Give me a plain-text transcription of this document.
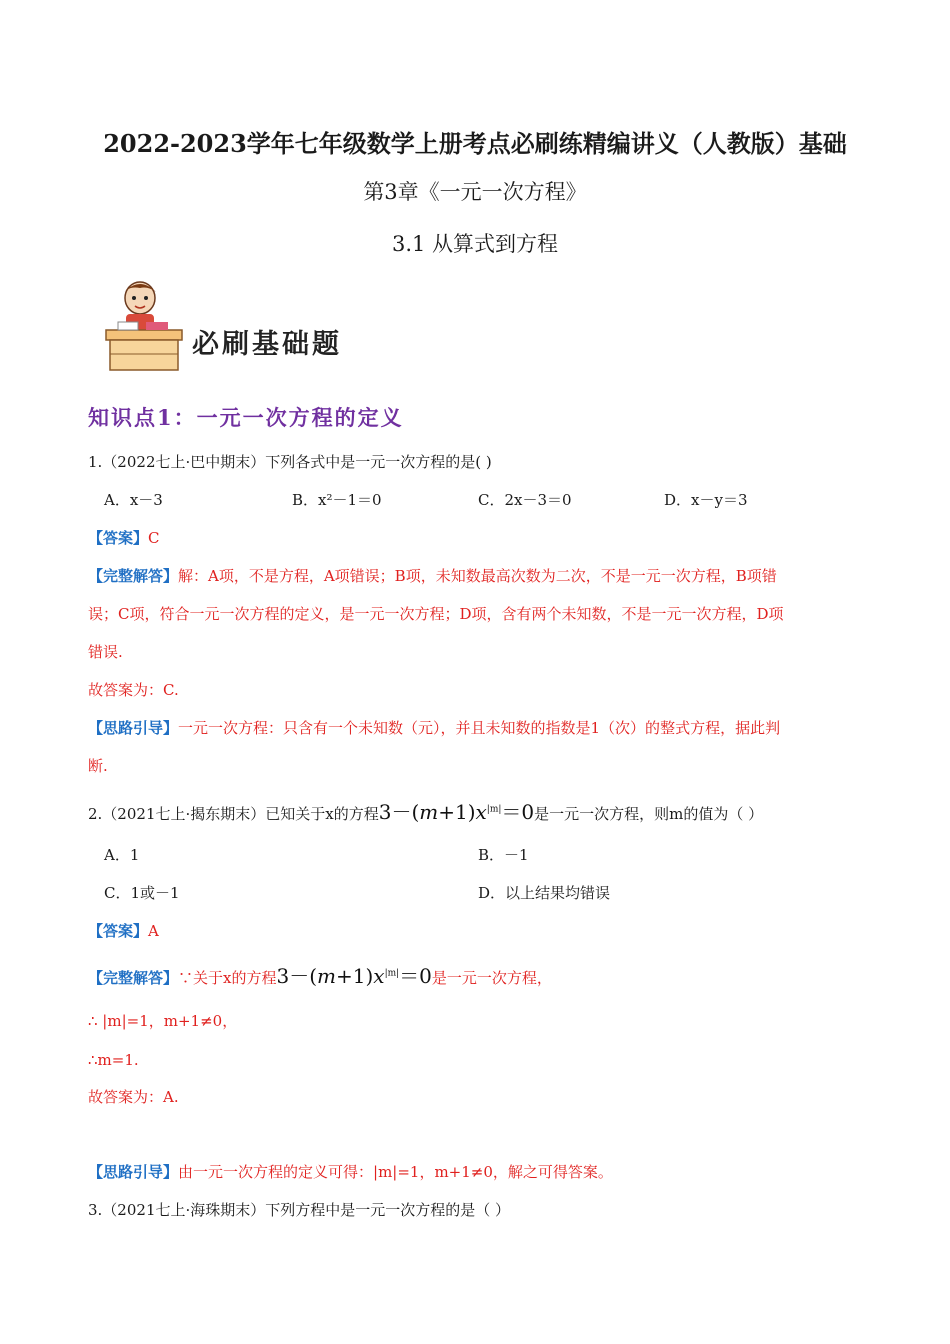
2022-2023学年七年级数学上册考点必刷练精编讲义（人教版）基础
第3章《一元一次方程》
3.1 从算式到方程
必刷基础题
知识点1：一元一次方程的定义
1.（2022七上·巴中期末）下列各式中是一元一次方程的是( )
A．x－3	B．x²－1＝0	C．2x－3＝0	D．x－y＝3
【答案】C
【完整解答】解：A项，不是方程，A项错误；B项，未知数最高次数为二次，不是一元一次方程，B项错
误；C项，符合一元一次方程的定义，是一元一次方程；D项，含有两个未知数，不是一元一次方程，D项
错误.
故答案为：C.
【思路引导】一元一次方程：只含有一个未知数（元），并且未知数的指数是1（次）的整式方程，据此判
断.
2.（2021七上·揭东期末）已知关于x的方程$3-(m+1)x^{|m|}=0$是一元一次方程，则m的值为（ ）
A．1	B．－1
C．1或－1	D．以上结果均错误
【答案】A
【完整解答】∵关于x的方程$3-(m+1)x^{|m|}=0$是一元一次方程，
∴ |m|=1，m+1≠0，
∴m=1.
故答案为：A.
【思路引导】由一元一次方程的定义可得：|m|=1，m+1≠0，解之可得答案。
3.（2021七上·海珠期末）下列方程中是一元一次方程的是（ ）
